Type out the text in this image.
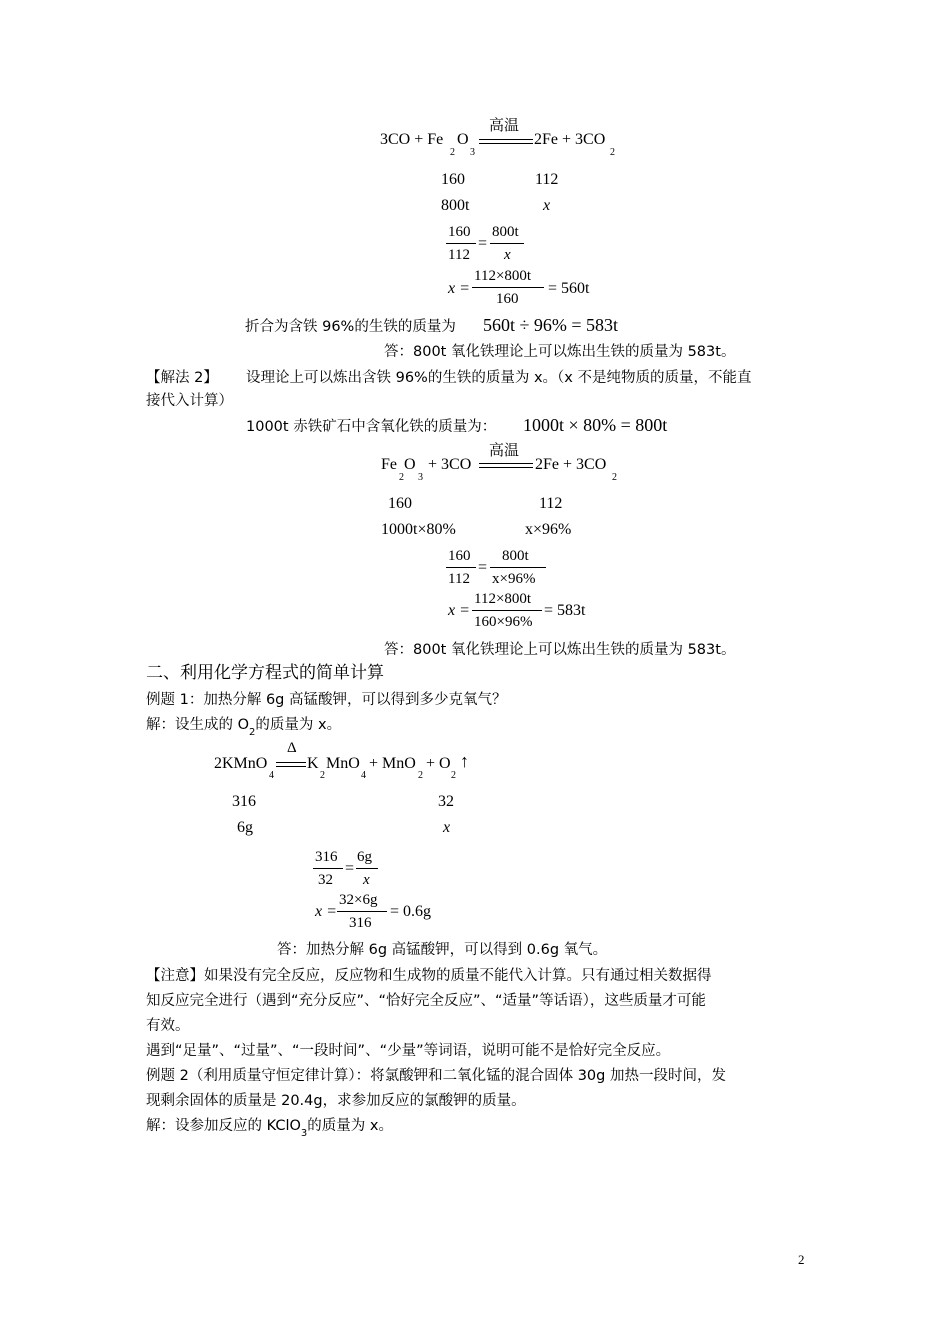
3CO + Fe
2
O
3
高温
2Fe + 3CO
2
160	112
800t	x
160
112
=
800t
x
x =
112×800t
160
= 560t
折合为含铁 96%的生铁的质量为 560t ÷ 96% = 583t
答：800t 氧化铁理论上可以炼出生铁的质量为 583t。
【解法 2】 设理论上可以炼出含铁 96%的生铁的质量为 x。（x 不是纯物质的质量，不能直
接代入计算）
1000t 赤铁矿石中含氧化铁的质量为： 1000t × 80% = 800t
Fe
2
O
3
+ 3CO
高温
2Fe + 3CO
2
160	112
1000t×80%	x×96%
160
112
=
800t
x×96%
x =
112×800t
160×96%
= 583t
答：800t 氧化铁理论上可以炼出生铁的质量为 583t。
二、利用化学方程式的简单计算
例题 1：加热分解 6g 高锰酸钾，可以得到多少克氧气？
解：设生成的 $O_2$的质量为 x。
2KMnO
4
Δ
K
2
MnO
4
+ MnO
2
+ O
2
↑
316	32
6g	x
316
32
=
6g
x
x =
32×6g
316
= 0.6g
答：加热分解 6g 高锰酸钾，可以得到 0.6g 氧气。
【注意】如果没有完全反应，反应物和生成物的质量不能代入计算。只有通过相关数据得
知反应完全进行（遇到“充分反应”、“恰好完全反应”、“适量”等话语），这些质量才可能
有效。
遇到“足量”、“过量”、“一段时间”、“少量”等词语，说明可能不是恰好完全反应。
例题 2（利用质量守恒定律计算）：将氯酸钾和二氧化锰的混合固体 30g 加热一段时间，发
现剩余固体的质量是 20.4g，求参加反应的氯酸钾的质量。
解：设参加反应的 KClO$_3$的质量为 x。
2
